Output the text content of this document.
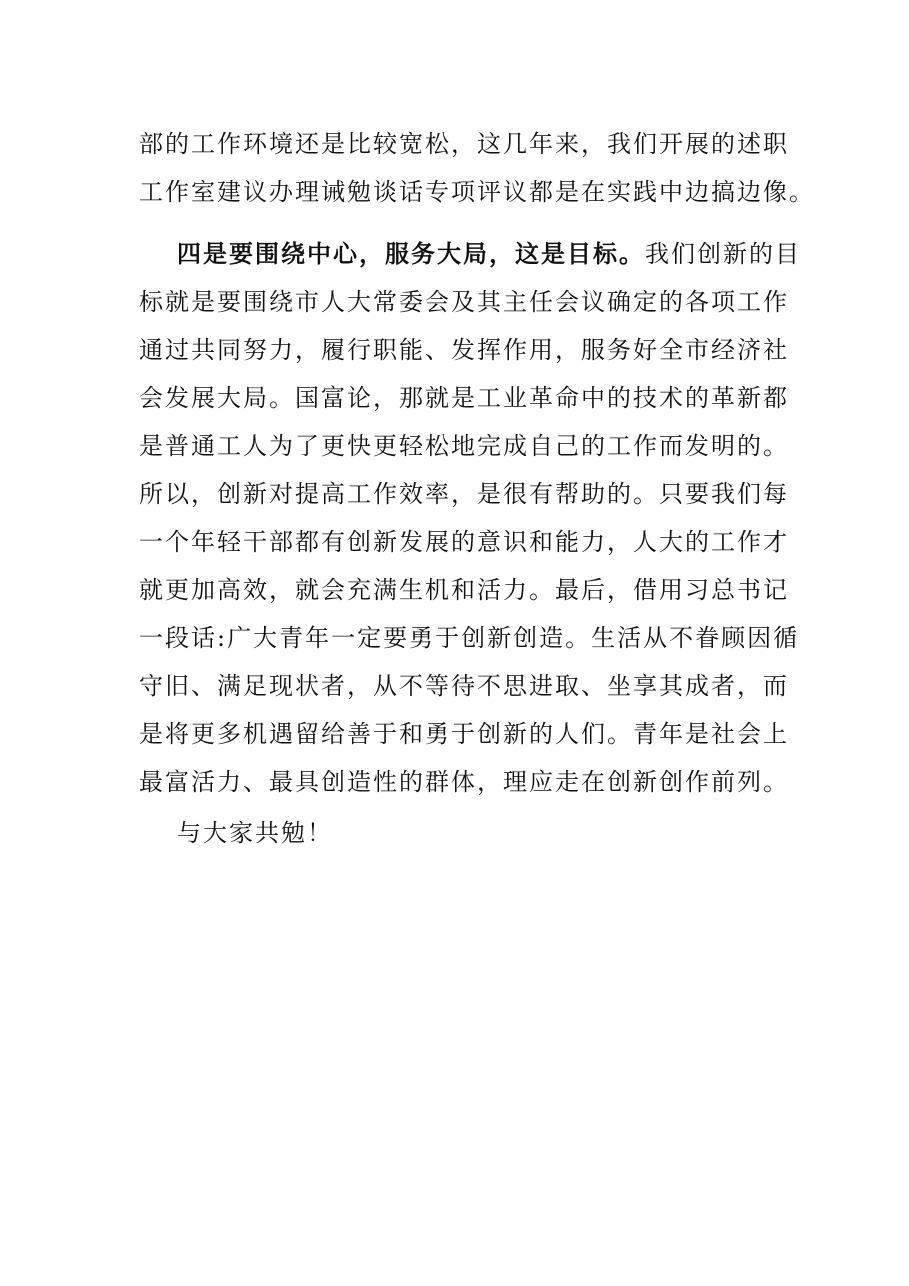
部的工作环境还是比较宽松，这几年来，我们开展的述职
工作室建议办理诫勉谈话专项评议都是在实践中边搞边像。
四是要围绕中心，服务大局，这是目标。我们创新的目
标就是要围绕市人大常委会及其主任会议确定的各项工作
通过共同努力，履行职能、发挥作用，服务好全市经济社
会发展大局。国富论，那就是工业革命中的技术的革新都
是普通工人为了更快更轻松地完成自己的工作而发明的。
所以，创新对提高工作效率，是很有帮助的。只要我们每
一个年轻干部都有创新发展的意识和能力，人大的工作才
就更加高效，就会充满生机和活力。最后，借用习总书记
一段话:广大青年一定要勇于创新创造。生活从不眷顾因循
守旧、满足现状者，从不等待不思进取、坐享其成者，而
是将更多机遇留给善于和勇于创新的人们。青年是社会上
最富活力、最具创造性的群体，理应走在创新创作前列。
与大家共勉！
